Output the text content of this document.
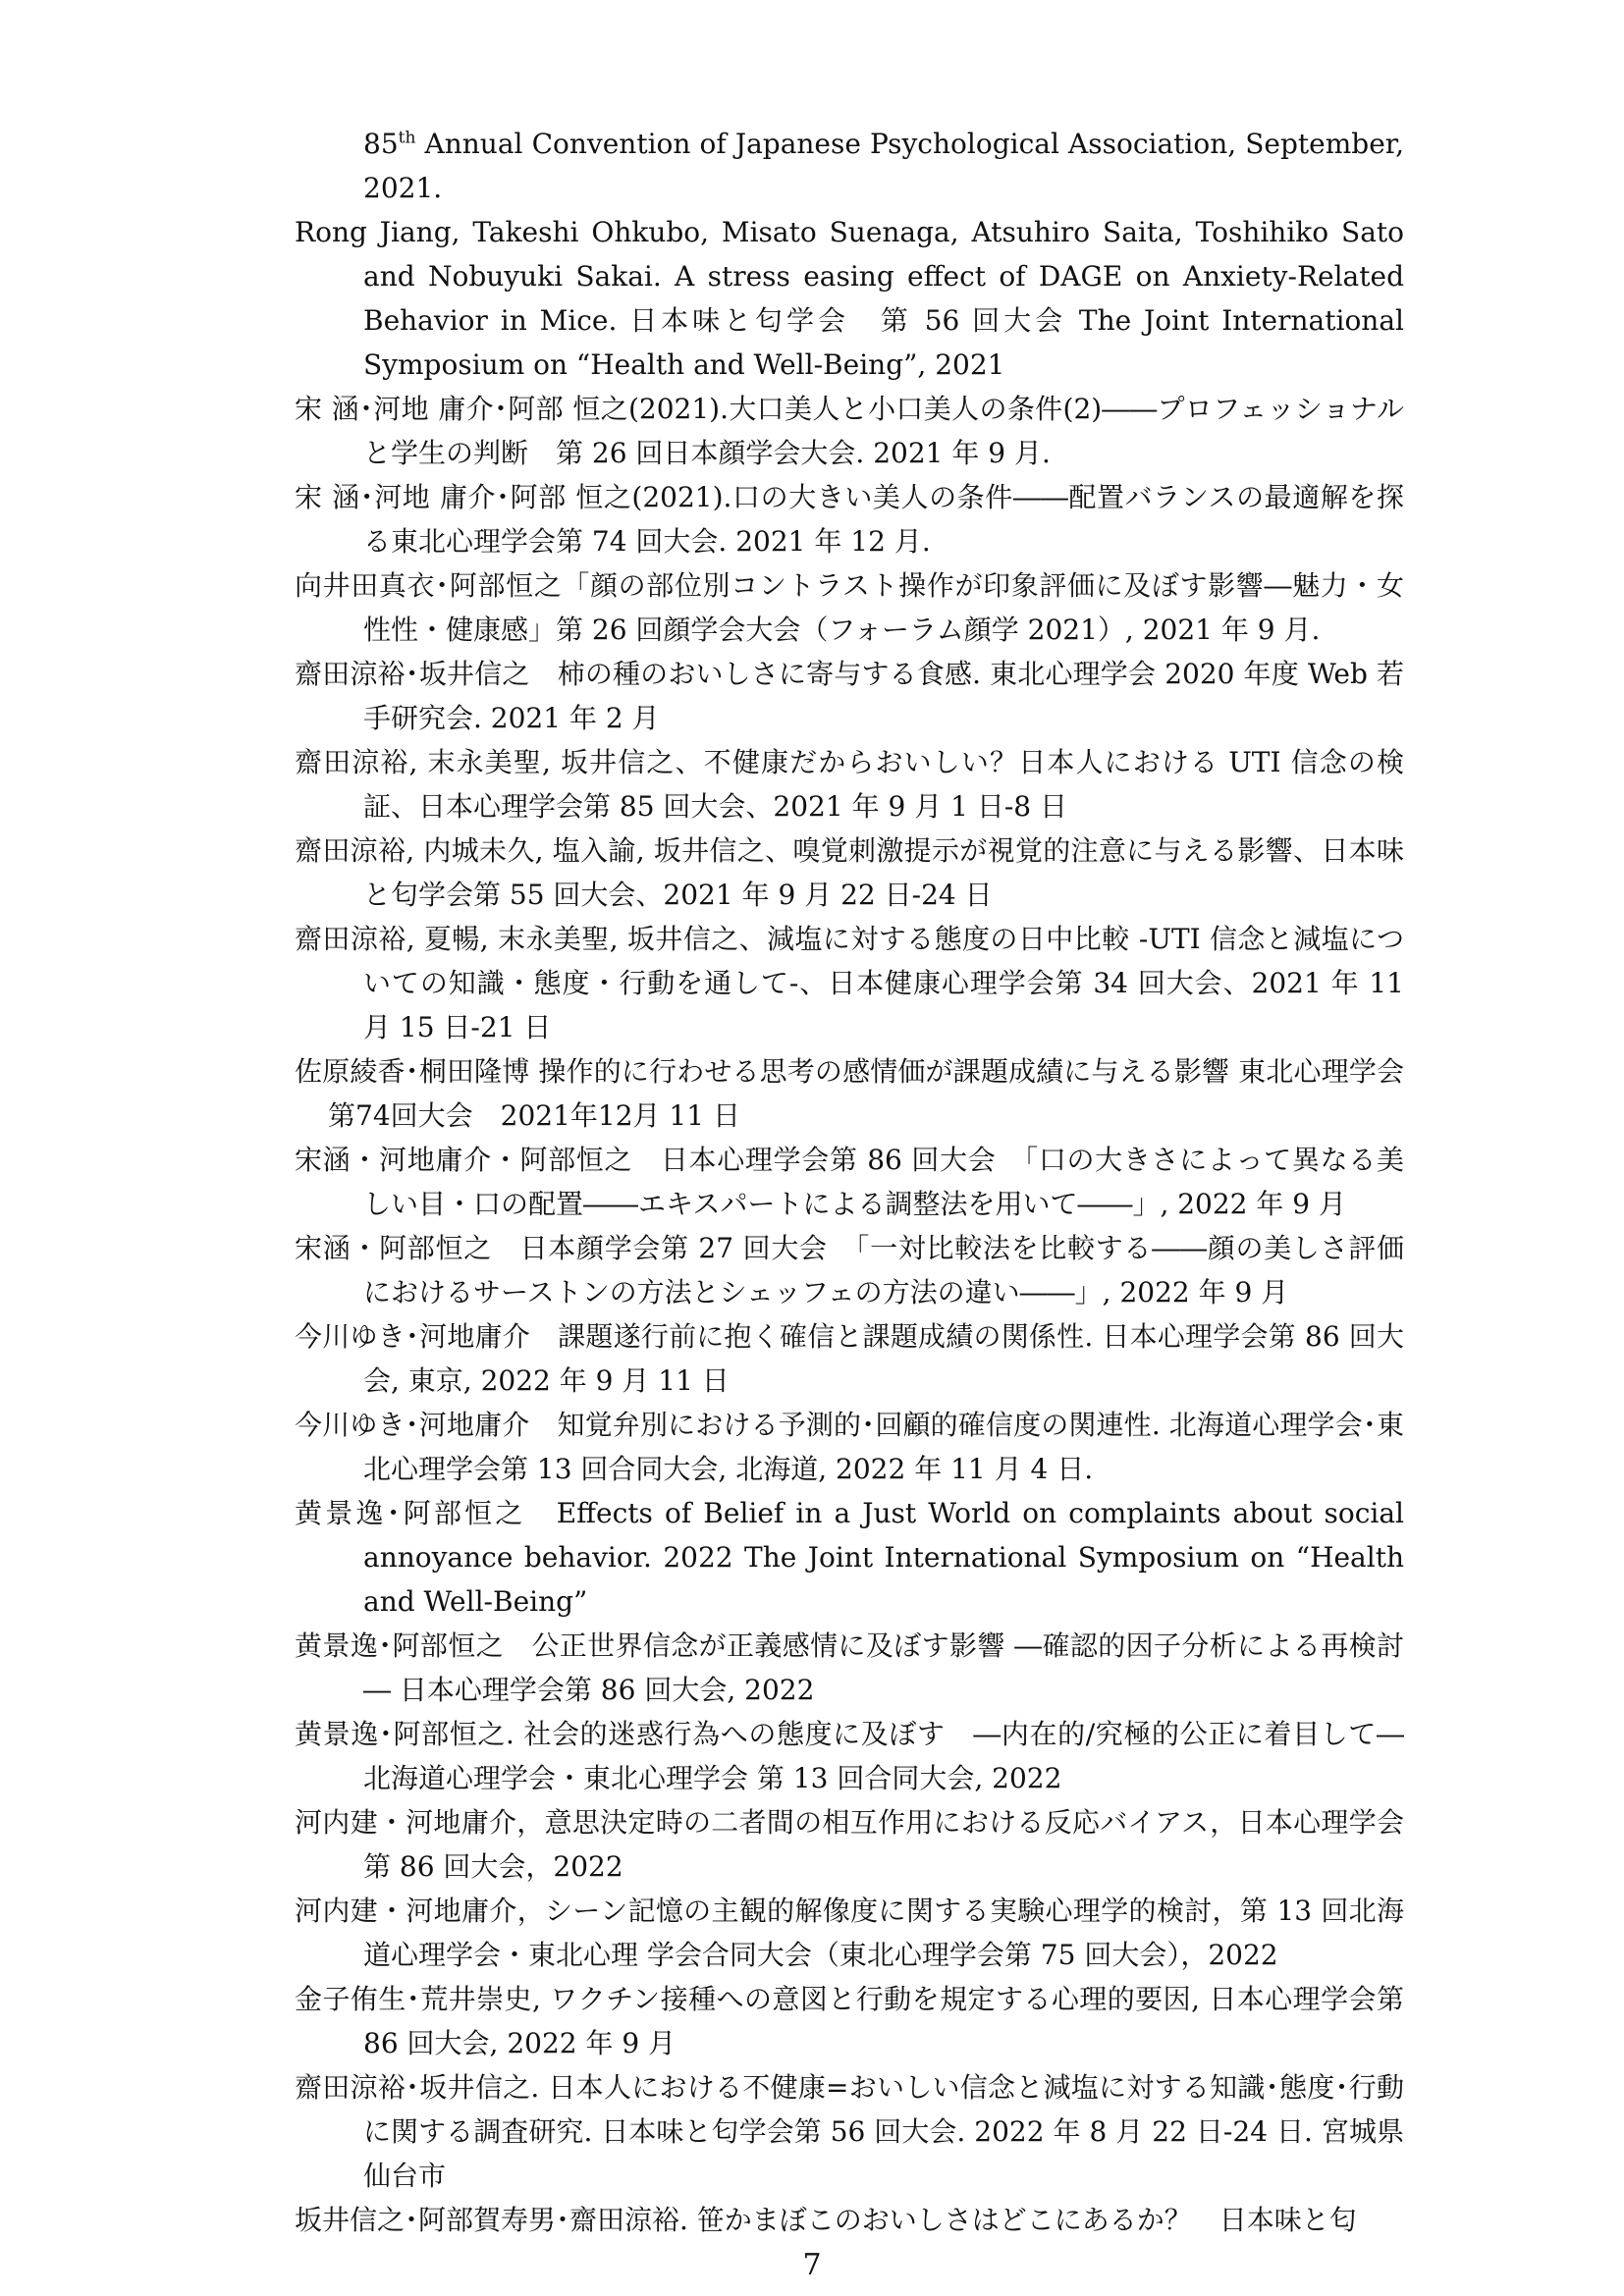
85th Annual Convention of Japanese Psychological Association, September, 2021.
Rong Jiang, Takeshi Ohkubo, Misato Suenaga, Atsuhiro Saita, Toshihiko Sato and Nobuyuki Sakai. A stress easing effect of DAGE on Anxiety-Related Behavior in Mice. 日本味と匂学会　第 56 回大会 The Joint International Symposium on “Health and Well-Being”, 2021
宋 涵･河地 庸介･阿部 恒之(2021).大口美人と小口美人の条件(2)――プロフェッショナルと学生の判断　第 26 回日本顔学会大会. 2021 年 9 月.
宋 涵･河地 庸介･阿部 恒之(2021).口の大きい美人の条件――配置バランスの最適解を探る東北心理学会第 74 回大会. 2021 年 12 月.
向井田真衣･阿部恒之「顔の部位別コントラスト操作が印象評価に及ぼす影響―魅力・女性性・健康感」第 26 回顔学会大会（フォーラム顔学 2021）, 2021 年 9 月.
齋田涼裕･坂井信之　柿の種のおいしさに寄与する食感. 東北心理学会 2020 年度 Web 若手研究会. 2021 年 2 月
齋田涼裕, 末永美聖, 坂井信之、不健康だからおいしい？日本人における UTI 信念の検証、日本心理学会第 85 回大会、2021 年 9 月 1 日-8 日
齋田涼裕, 内城未久, 塩入諭, 坂井信之、嗅覚刺激提示が視覚的注意に与える影響、日本味と匂学会第 55 回大会、2021 年 9 月 22 日-24 日
齋田涼裕, 夏暢, 末永美聖, 坂井信之、減塩に対する態度の日中比較 -UTI 信念と減塩についての知識・態度・行動を通して-、日本健康心理学会第 34 回大会、2021 年 11 月 15 日-21 日
佐原綾香･桐田隆博 操作的に行わせる思考の感情価が課題成績に与える影響 東北心理学会第74回大会　2021年12月 11 日
宋涵・河地庸介・阿部恒之　日本心理学会第 86 回大会　「口の大きさによって異なる美しい目・口の配置――エキスパートによる調整法を用いて――」, 2022 年 9 月
宋涵・阿部恒之　日本顔学会第 27 回大会　「一対比較法を比較する――顔の美しさ評価におけるサーストンの方法とシェッフェの方法の違い――」, 2022 年 9 月
今川ゆき･河地庸介　課題遂行前に抱く確信と課題成績の関係性. 日本心理学会第 86 回大会, 東京, 2022 年 9 月 11 日
今川ゆき･河地庸介　知覚弁別における予測的･回顧的確信度の関連性. 北海道心理学会･東北心理学会第 13 回合同大会, 北海道, 2022 年 11 月 4 日.
黄景逸･阿部恒之　Effects of Belief in a Just World on complaints about social annoyance behavior. 2022 The Joint International Symposium on “Health and Well-Being”
黄景逸･阿部恒之　公正世界信念が正義感情に及ぼす影響 ―確認的因子分析による再検討― 日本心理学会第 86 回大会, 2022
黄景逸･阿部恒之. 社会的迷惑行為への態度に及ぼす　―内在的/究極的公正に着目して― 北海道心理学会・東北心理学会 第 13 回合同大会, 2022
河内建・河地庸介，意思決定時の二者間の相互作用における反応バイアス，日本心理学会第 86 回大会，2022
河内建・河地庸介，シーン記憶の主観的解像度に関する実験心理学的検討，第 13 回北海道心理学会・東北心理 学会合同大会（東北心理学会第 75 回大会），2022
金子侑生･荒井崇史, ワクチン接種への意図と行動を規定する心理的要因, 日本心理学会第 86 回大会, 2022 年 9 月
齋田涼裕･坂井信之. 日本人における不健康=おいしい信念と減塩に対する知識･態度･行動に関する調査研究. 日本味と匂学会第 56 回大会. 2022 年 8 月 22 日-24 日. 宮城県仙台市
坂井信之･阿部賀寿男･齋田涼裕. 笹かまぼこのおいしさはどこにあるか？　日本味と匂
7
